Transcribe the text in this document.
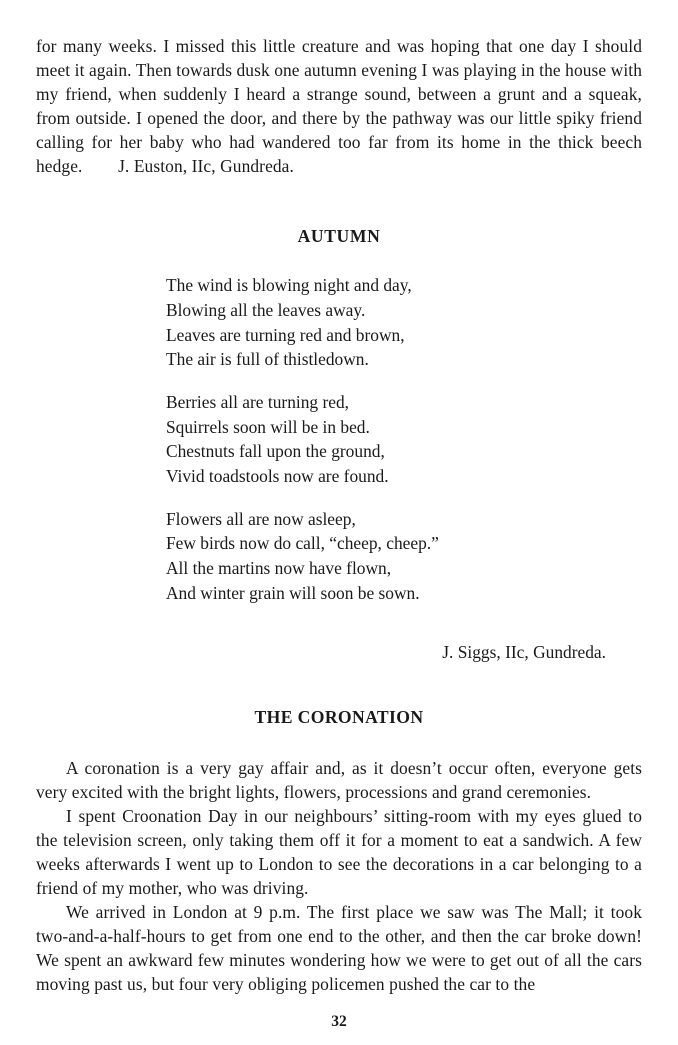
for many weeks. I missed this little creature and was hoping that one day I should meet it again. Then towards dusk one autumn evening I was playing in the house with my friend, when suddenly I heard a strange sound, between a grunt and a squeak, from outside. I opened the door, and there by the pathway was our little spiky friend calling for her baby who had wandered too far from its home in the thick beech hedge.        J. Euston, IIc, Gundreda.

AUTUMN
The wind is blowing night and day,
Blowing all the leaves away.
Leaves are turning red and brown,
The air is full of thistledown.
Berries all are turning red,
Squirrels soon will be in bed.
Chestnuts fall upon the ground,
Vivid toadstools now are found.
Flowers all are now asleep,
Few birds now do call, “cheep, cheep.”
All the martins now have flown,
And winter grain will soon be sown.

J. Siggs, IIc, Gundreda.

THE CORONATION

A coronation is a very gay affair and, as it doesn’t occur often, everyone gets very excited with the bright lights, flowers, processions and grand ceremonies.

I spent Croonation Day in our neighbours’ sitting-room with my eyes glued to the television screen, only taking them off it for a moment to eat a sandwich. A few weeks afterwards I went up to London to see the decorations in a car belonging to a friend of my mother, who was driving.

We arrived in London at 9 p.m. The first place we saw was The Mall; it took two-and-a-half-hours to get from one end to the other, and then the car broke down! We spent an awkward few minutes wondering how we were to get out of all the cars moving past us, but four very obliging policemen pushed the car to the

32
